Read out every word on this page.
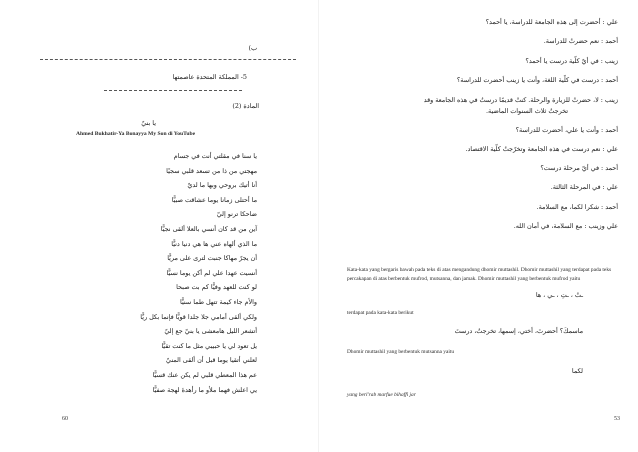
ب)
5- المملكة المتحدة عاصمتها
المادة (2)
يا بنيّ
Ahmed Bukhatir-Ya Bonayya My Son di YouTube
60
يا سنا في مقلتي أنت في جسام
مهجتي من ذا من تسعد قلبي سجيًا
أنا أتيك بروحي وبها ما لديّ
ما أحتلى زمانا يوما عشاقت صبيًّا
ضاحكا ترنو إليّ
آين من قد كان أنسي بالعلا ألقى نجيًّا
ما الذي ألهاه عني ها هي دنيا دنيًّا
أن يجرّ مهاكا جنبت لترى على مريًّا
أنسيت عهدا علي لم أكن يوما نسيًّا
لو كنت للعهد وفيًّا كم بت صبحا
والأم جاء كيمة تتهل طما سنيًّا
ولكي ألقى أمامي جلا جلدا قويًّا فإنما بكل ريًّا
أتشعر الليل هامعشى يا بنيّ جع إليّ
يل تعود لي يا حبيبي مثل ما كنت تقيًّا
لعلني أتقيا يوما قبل أن ألقى المنيّ
عم هذا المعطي قلبي لم يكن عنك قسيًّا
يي اعلش فهما ملأو ما رأهدهٔ لهجة صفيًّا
Kata-kata yang bergaris bawah pada teks di atas mengandung dhomir muttashil. Dhomir muttashil yang terdapat pada teks percakapan di atas berbentuk mufrod, mutsanna, dan jamak. Dhomir muttashil yang berbentuk mufrod yaitu
ـتُ ، ـتِ ، ـي ، ها
terdapat pada kata-kata berikut
ماسمكَ؟ أحضرتَ، أختي، إسمها، تخرجتُ، درستَ
Dhomir muttashil yang berbentuk mutsanna yaitu
لكما
yang berl'rab marfue bihaffi jar
53
علي : أحضرت إلى هذه الجامعة للدراسة، يا أحمد؟
أحمد : نعم حضرتُ للدراسة.
زينب : في أيّ كلّية درست يا أحمد؟
أحمد : درست في كلّية اللغة، وأنت يا زينب أحضرت للدراسة؟
زينب : لا، حضرتُ للزيارة والرحلة. كنتُ قديمًا درستُ في هذه الجامعة وقد
تخرجتُ ثلاث السنوات الماضية.
أحمد : وأنت يا علي، أحضرت للدراسة؟
علي : نعم درست في هذه الجامعة وتخرّجتُ كلّية الاقتصاد.
أحمد : في أيّ مرحلة درست؟
علي : في المرحلة الثالثة.
أحمد : شكرا لكما، مع السلامة.
علي وزينب : مع السلامة، في أمان الله.
